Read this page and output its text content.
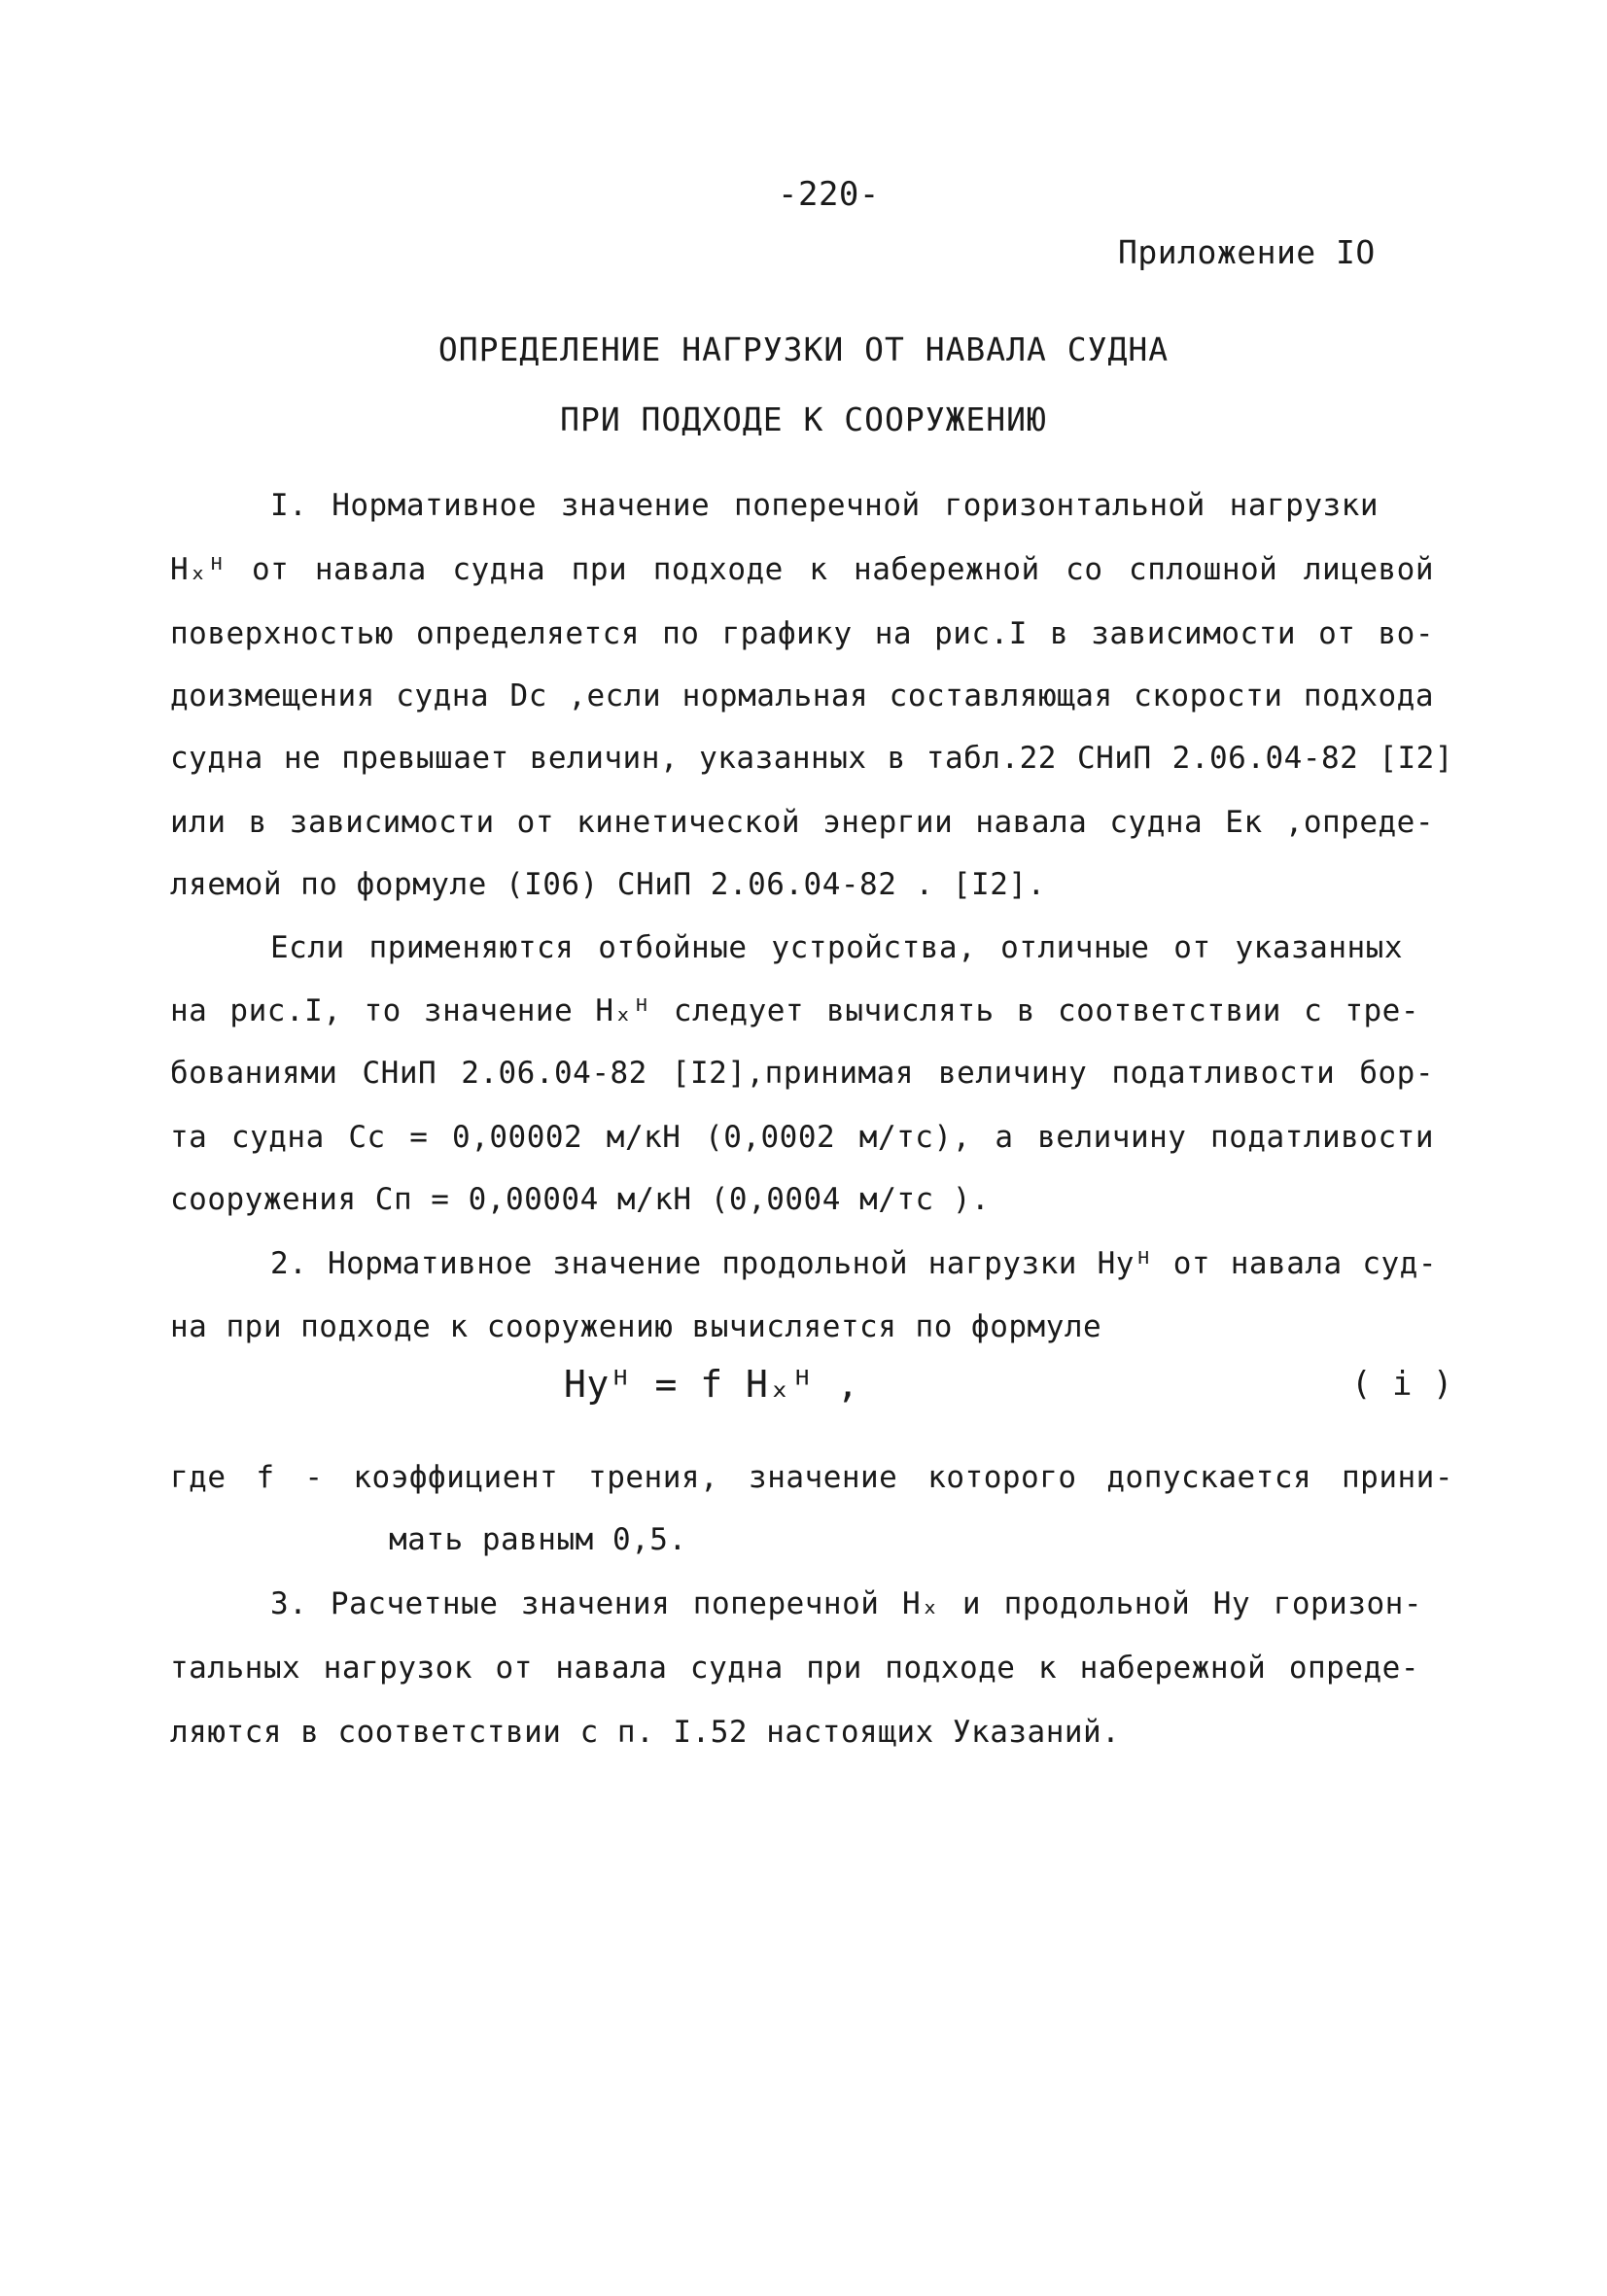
-220-
Приложение IO
ОПРЕДЕЛЕНИЕ НАГРУЗКИ ОТ НАВАЛА СУДНА
ПРИ ПОДХОДЕ К СООРУЖЕНИЮ
I. Нормативное значение поперечной горизонтальной нагрузки
Hₓᴴ от навала судна при подходе к набережной со сплошной лицевой
поверхностью определяется по графику на рис.I в зависимости от во-
доизмещения судна Dc ,если нормальная составляющая скорости подхода
судна не превышает величин, указанных в табл.22 СНиП 2.06.04-82 [I2]
или в зависимости от кинетической энергии навала судна Eк ,опреде-
ляемой по формуле (I06) СНиП 2.06.04-82 . [I2].
Если применяются отбойные устройства, отличные от указанных
на рис.I, то значение Hₓᴴ следует вычислять в соответствии с тре-
бованиями СНиП 2.06.04-82 [I2],принимая величину податливости бор-
та судна Cc = 0,00002 м/кН (0,0002 м/тс), а величину податливости
сооружения Cп = 0,00004 м/кН (0,0004 м/тс ).
2. Нормативное значение продольной нагрузки Hyᴴ от навала суд-
на при подходе к сооружению вычисляется по формуле
Hyᴴ = f Hₓᴴ ,	( i )
где f - коэффициент трения, значение которого допускается прини-
мать равным 0,5.
3. Расчетные значения поперечной Hₓ и продольной Hy горизон-
тальных нагрузок от навала судна при подходе к набережной опреде-
ляются в соответствии с п. I.52 настоящих Указаний.
